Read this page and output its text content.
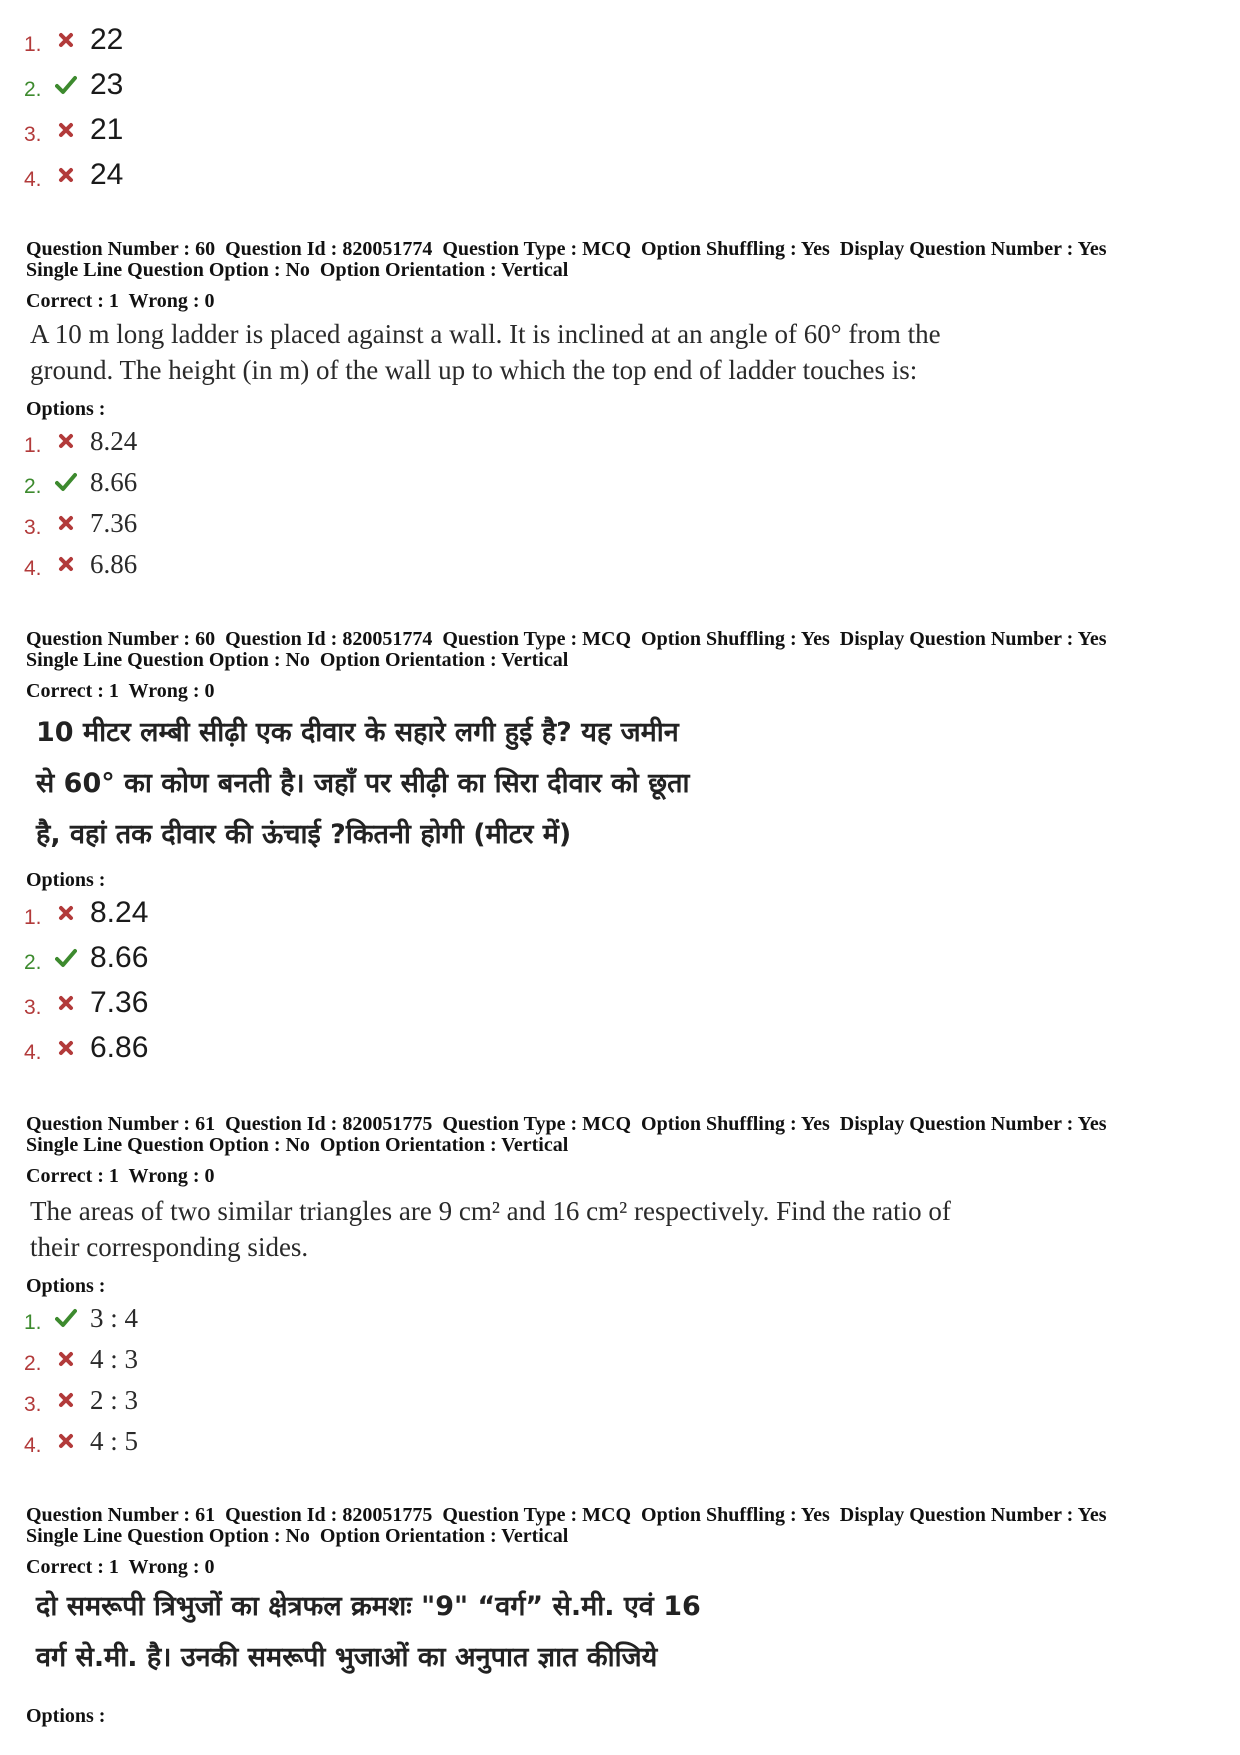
1.	22
2.	23
3.	21
4.	24
Question Number : 60  Question Id : 820051774  Question Type : MCQ  Option Shuffling : Yes  Display Question Number : Yes
Single Line Question Option : No  Option Orientation : Vertical
Correct : 1  Wrong : 0
A 10 m long ladder is placed against a wall. It is inclined at an angle of 60° from the
ground. The height (in m) of the wall up to which the top end of ladder touches is:
Options :
1.	8.24
2.	8.66
3.	7.36
4.	6.86
Question Number : 60  Question Id : 820051774  Question Type : MCQ  Option Shuffling : Yes  Display Question Number : Yes
Single Line Question Option : No  Option Orientation : Vertical
Correct : 1  Wrong : 0
10 मीटर लम्बी सीढ़ी एक दीवार के सहारे लगी हुई है? यह जमीन
से 60° का कोण बनती है। जहाँ पर सीढ़ी का सिरा दीवार को छूता
है, वहां तक दीवार की ऊंचाई ?कितनी होगी (मीटर में)
Options :
1.	8.24
2.	8.66
3.	7.36
4.	6.86
Question Number : 61  Question Id : 820051775  Question Type : MCQ  Option Shuffling : Yes  Display Question Number : Yes
Single Line Question Option : No  Option Orientation : Vertical
Correct : 1  Wrong : 0
The areas of two similar triangles are 9 cm² and 16 cm² respectively. Find the ratio of
their corresponding sides.
Options :
1.	3 : 4
2.	4 : 3
3.	2 : 3
4.	4 : 5
Question Number : 61  Question Id : 820051775  Question Type : MCQ  Option Shuffling : Yes  Display Question Number : Yes
Single Line Question Option : No  Option Orientation : Vertical
Correct : 1  Wrong : 0
दो समरूपी त्रिभुजों का क्षेत्रफल क्रमशः "9" “वर्ग” से.मी. एवं 16
वर्ग से.मी. है। उनकी समरूपी भुजाओं का अनुपात ज्ञात कीजिये
Options :
